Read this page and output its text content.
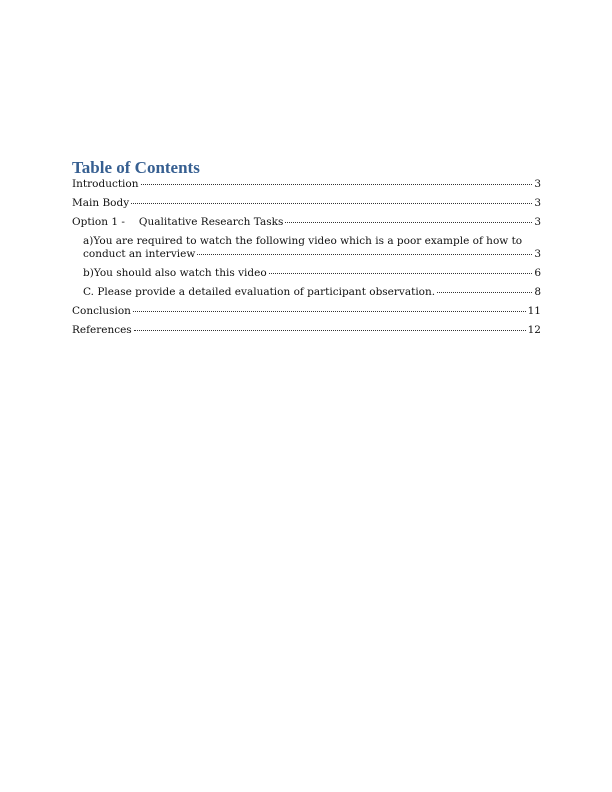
Table of Contents
Introduction	3
Main Body	3
Option 1 - Qualitative Research Tasks	3
a)You are required to watch the following video which is a poor example of how to
conduct an interview	3
b) You should also watch this video	6
C. Please provide a detailed evaluation of participant observation.	8
Conclusion	11
References	12
